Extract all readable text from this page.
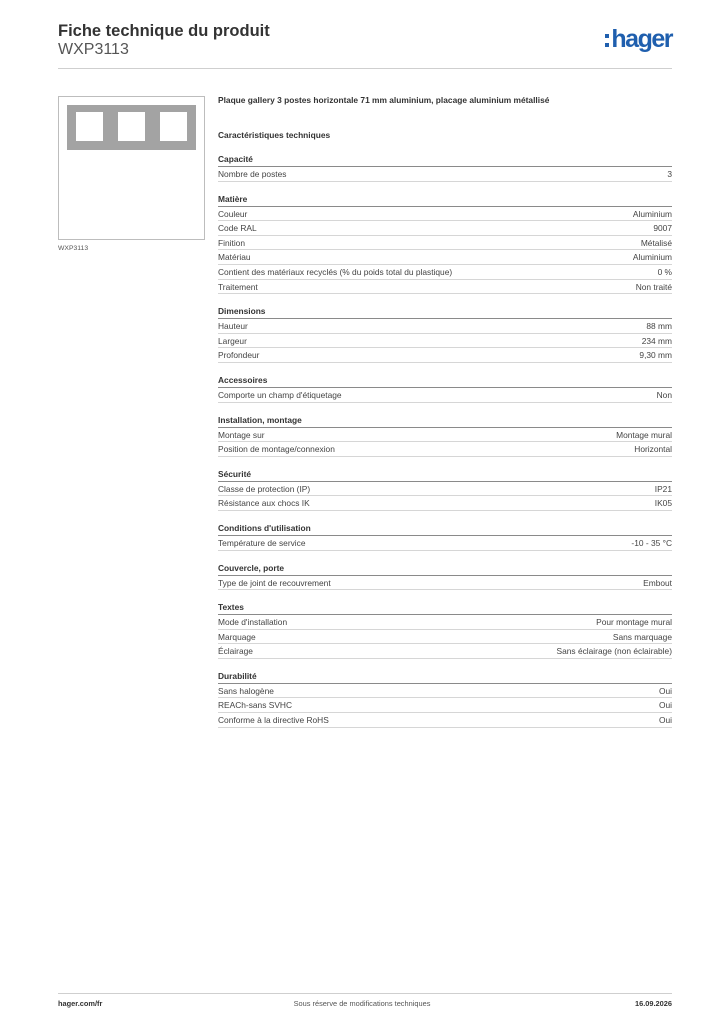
Fiche technique du produit
WXP3113	hager
WXP3113
Plaque gallery 3 postes horizontale 71 mm aluminium, placage aluminium métallisé
Caractéristiques techniques
Capacité
Nombre de postes	3
Matière
Couleur	Aluminium
Code RAL	9007
Finition	Métalisé
Matériau	Aluminium
Contient des matériaux recyclés (% du poids total du plastique)	0 %
Traitement	Non traité
Dimensions
Hauteur	88 mm
Largeur	234 mm
Profondeur	9,30 mm
Accessoires
Comporte un champ d'étiquetage	Non
Installation, montage
Montage sur	Montage mural
Position de montage/connexion	Horizontal
Sécurité
Classe de protection (IP)	IP21
Résistance aux chocs IK	IK05
Conditions d'utilisation
Température de service	-10 - 35 °C
Couvercle, porte
Type de joint de recouvrement	Embout
Textes
Mode d'installation	Pour montage mural
Marquage	Sans marquage
Éclairage	Sans éclairage (non éclairable)
Durabilité
Sans halogène	Oui
REACh-sans SVHC	Oui
Conforme à la directive RoHS	Oui
hager.com/fr	Sous réserve de modifications techniques	16.09.2026
